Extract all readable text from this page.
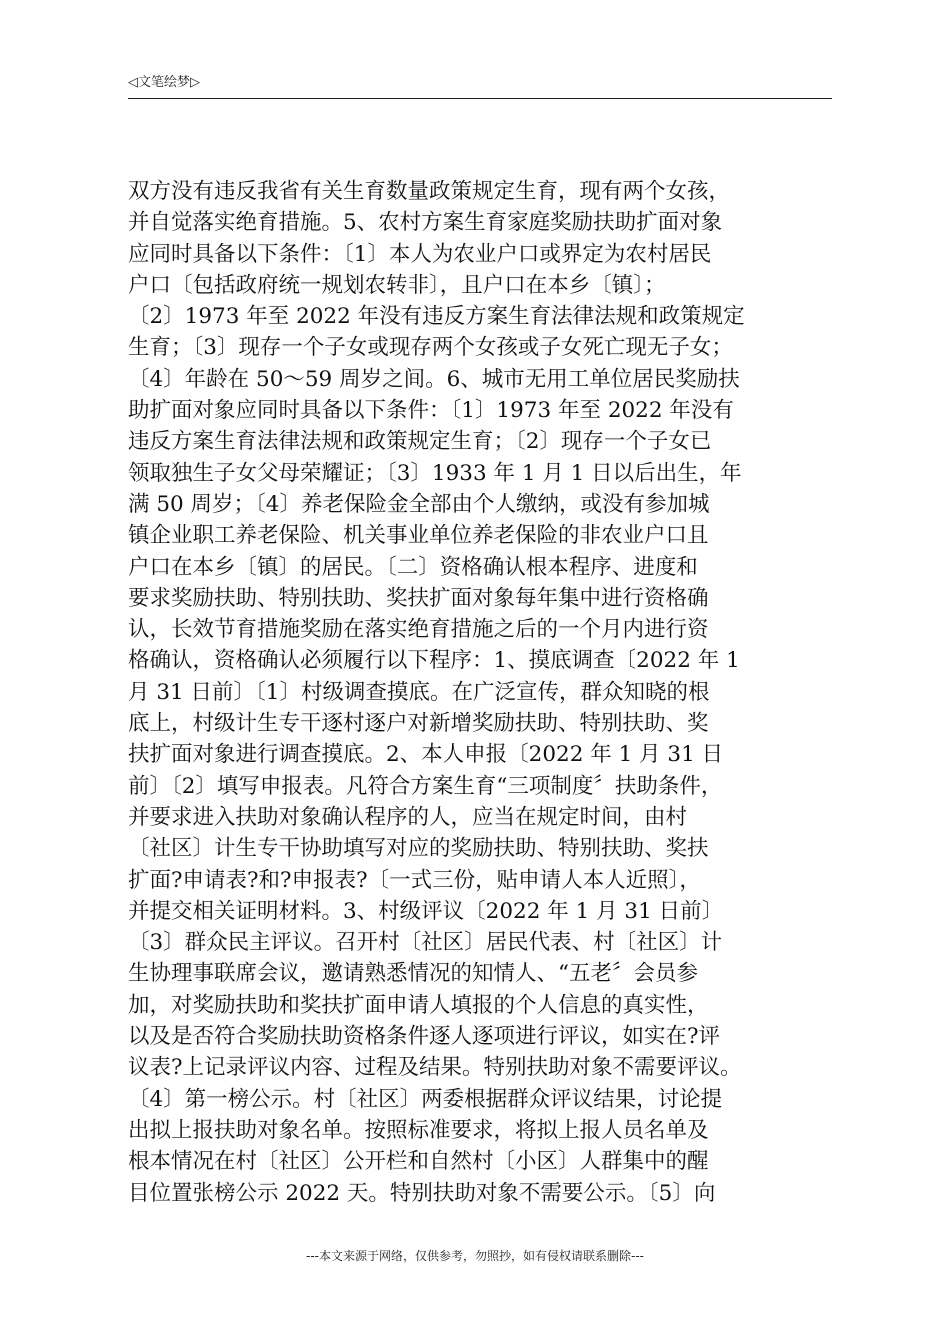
◁文笔绘梦▷
双方没有违反我省有关生育数量政策规定生育，现有两个女孩，
并自觉落实绝育措施。5、农村方案生育家庭奖励扶助扩面对象
应同时具备以下条件：〔1〕本人为农业户口或界定为农村居民
户口〔包括政府统一规划农转非〕，且户口在本乡〔镇〕；
〔2〕1973 年至 2022 年没有违反方案生育法律法规和政策规定
生育；〔3〕现存一个子女或现存两个女孩或子女死亡现无子女；
〔4〕年龄在 50～59 周岁之间。6、城市无用工单位居民奖励扶
助扩面对象应同时具备以下条件：〔1〕1973 年至 2022 年没有
违反方案生育法律法规和政策规定生育；〔2〕现存一个子女已
领取独生子女父母荣耀证；〔3〕1933 年 1 月 1 日以后出生，年
满 50 周岁；〔4〕养老保险金全部由个人缴纳，或没有参加城
镇企业职工养老保险、机关事业单位养老保险的非农业户口且
户口在本乡〔镇〕的居民。〔二〕资格确认根本程序、进度和
要求奖励扶助、特别扶助、奖扶扩面对象每年集中进行资格确
认，长效节育措施奖励在落实绝育措施之后的一个月内进行资
格确认，资格确认必须履行以下程序：1、摸底调查〔2022 年 1
月 31 日前〕〔1〕村级调查摸底。在广泛宣传，群众知晓的根
底上，村级计生专干逐村逐户对新增奖励扶助、特别扶助、奖
扶扩面对象进行调查摸底。2、本人申报〔2022 年 1 月 31 日
前〕〔2〕填写申报表。凡符合方案生育“三项制度〞扶助条件，
并要求进入扶助对象确认程序的人，应当在规定时间，由村
〔社区〕计生专干协助填写对应的奖励扶助、特别扶助、奖扶
扩面?申请表?和?申报表?〔一式三份，贴申请人本人近照〕，
并提交相关证明材料。3、村级评议〔2022 年 1 月 31 日前〕
〔3〕群众民主评议。召开村〔社区〕居民代表、村〔社区〕计
生协理事联席会议，邀请熟悉情况的知情人、“五老〞会员参
加，对奖励扶助和奖扶扩面申请人填报的个人信息的真实性，
以及是否符合奖励扶助资格条件逐人逐项进行评议，如实在?评
议表?上记录评议内容、过程及结果。特别扶助对象不需要评议。
〔4〕第一榜公示。村〔社区〕两委根据群众评议结果，讨论提
出拟上报扶助对象名单。按照标准要求，将拟上报人员名单及
根本情况在村〔社区〕公开栏和自然村〔小区〕人群集中的醒
目位置张榜公示 2022 天。特别扶助对象不需要公示。〔5〕向
---本文来源于网络，仅供参考，勿照抄，如有侵权请联系删除---
